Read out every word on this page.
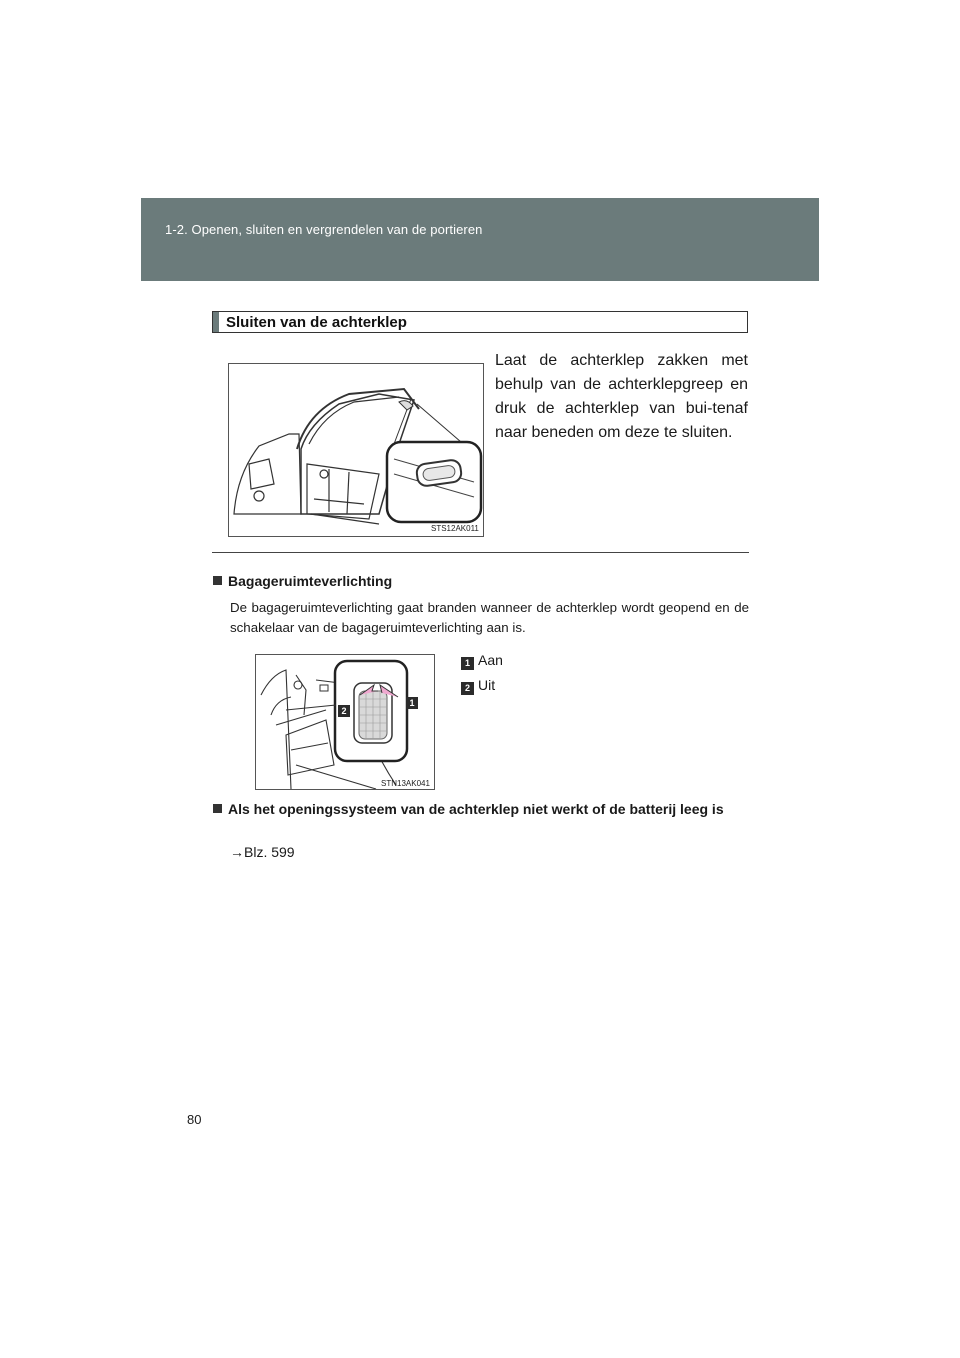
1-2. Openen, sluiten en vergrendelen van de portieren
Sluiten van de achterklep
STS12AK011
Laat de achterklep zakken met behulp van de achterklepgreep en druk de achterklep van bui-tenaf naar beneden om deze te sluiten.
Bagageruimteverlichting
De bagageruimteverlichting gaat branden wanneer de achterklep wordt geopend en de schakelaar van de bagageruimteverlichting aan is.
2
1
STN13AK041
1 Aan
2 Uit
Als het openingssysteem van de achterklep niet werkt of de batterij leeg is
→Blz. 599
80
